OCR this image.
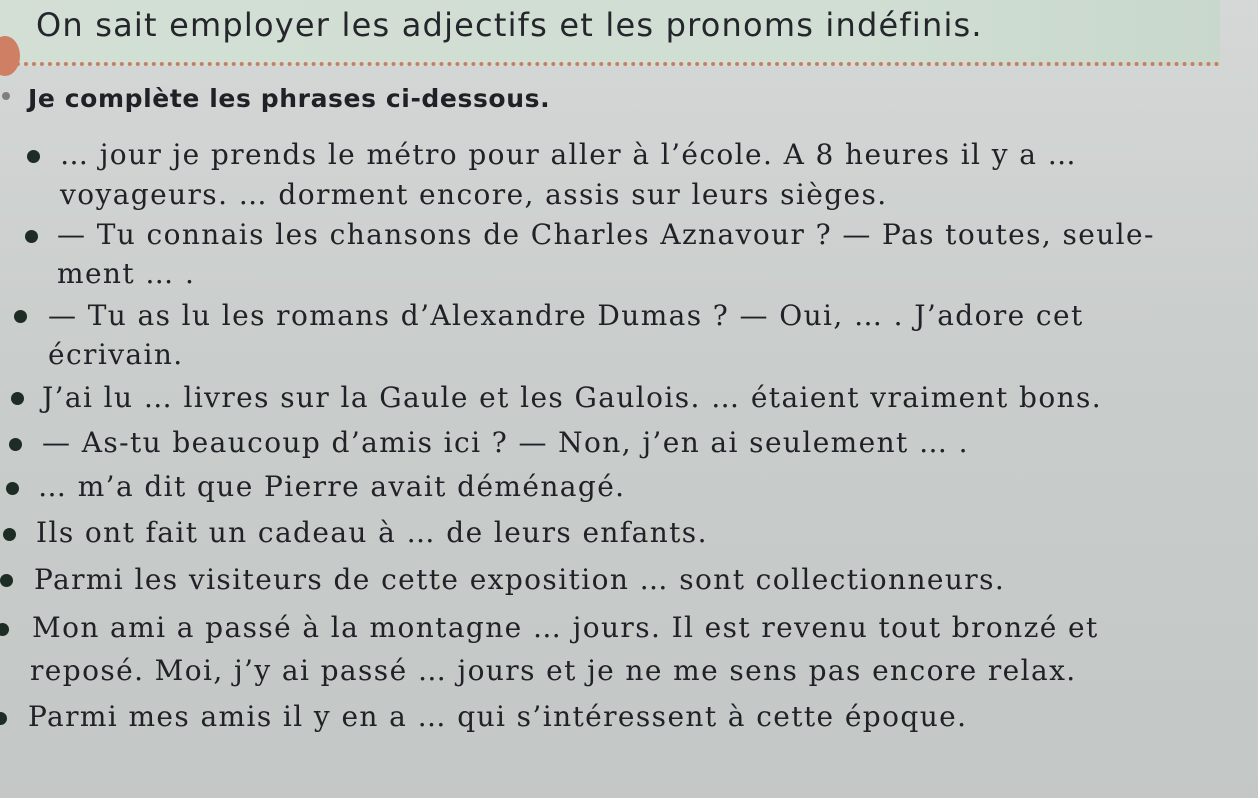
On sait employer les adjectifs et les pronoms indéfinis.
Je complète les phrases ci-dessous.
… jour je prends le métro pour aller à l’école. A 8 heures il y a …
voyageurs. … dorment encore, assis sur leurs sièges.
— Tu connais les chansons de Charles Aznavour ? — Pas toutes, seule-
ment … .
— Tu as lu les romans d’Alexandre Dumas ? — Oui, … . J’adore cet
écrivain.
J’ai lu … livres sur la Gaule et les Gaulois. … étaient vraiment bons.
— As-tu beaucoup d’amis ici ? — Non, j’en ai seulement … .
… m’a dit que Pierre avait déménagé.
Ils ont fait un cadeau à … de leurs enfants.
Parmi les visiteurs de cette exposition … sont collectionneurs.
Mon ami a passé à la montagne … jours. Il est revenu tout bronzé et
reposé. Moi, j’y ai passé … jours et je ne me sens pas encore relax.
Parmi mes amis il y en a … qui s’intéressent à cette époque.
